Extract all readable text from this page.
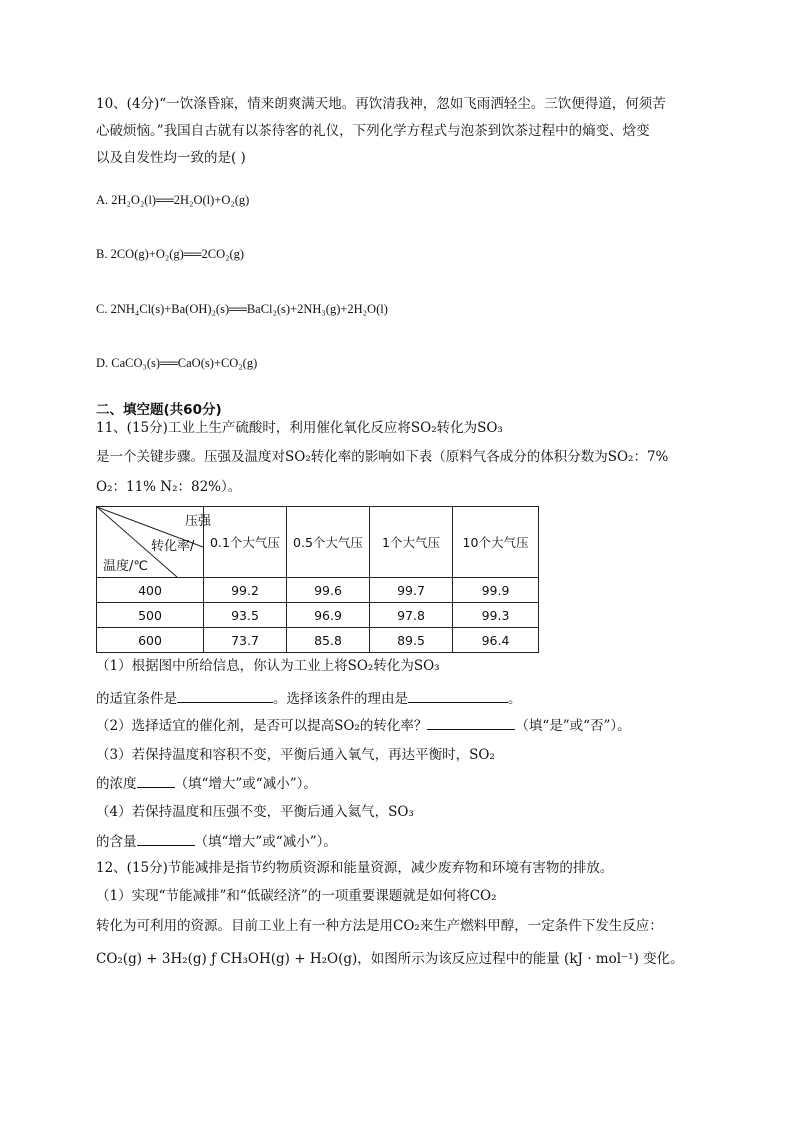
10、(4分)“一饮涤昏寐，情来朗爽满天地。再饮清我神，忽如飞雨洒轻尘。三饮便得道，何须苦
心破烦恼。”我国自古就有以茶待客的礼仪，下列化学方程式与泡茶到饮茶过程中的熵变、焓变
以及自发性均一致的是( )
A. 2H₂O₂(l)══2H₂O(l)+O₂(g)
B. 2CO(g)+O₂(g)══2CO₂(g)
C. 2NH₄Cl(s)+Ba(OH)₂(s)══BaCl₂(s)+2NH₃(g)+2H₂O(l)
D. CaCO₃(s)══CaO(s)+CO₂(g)
二、填空题(共60分)
11、(15分)工业上生产硫酸时，利用催化氧化反应将SO₂转化为SO₃
是一个关键步骤。压强及温度对SO₂转化率的影响如下表（原料气各成分的体积分数为SO₂：7%
O₂：11% N₂：82%）。
压强
转化率/
温度/℃	0.1个大气压	0.5个大气压	1个大气压	10个大气压
400	99.2	99.6	99.7	99.9
500	93.5	96.9	97.8	99.3
600	73.7	85.8	89.5	96.4
（1）根据图中所给信息，你认为工业上将SO₂转化为SO₃
的适宜条件是	。选择该条件的理由是	。
（2）选择适宜的催化剂，是否可以提高SO₂的转化率？	（填“是”或“否”）。
（3）若保持温度和容积不变，平衡后通入氧气，再达平衡时，SO₂
的浓度	（填“增大”或“减小”）。
（4）若保持温度和压强不变，平衡后通入氦气，SO₃
的含量	（填“增大”或“减小”）。
12、(15分)节能减排是指节约物质资源和能量资源，减少废弃物和环境有害物的排放。
（1）实现“节能减排”和“低碳经济”的一项重要课题就是如何将CO₂
转化为可利用的资源。目前工业上有一种方法是用CO₂来生产燃料甲醇，一定条件下发生反应：
CO₂(g) + 3H₂(g) ƒ CH₃OH(g) + H₂O(g)，如图所示为该反应过程中的能量 (kJ · mol⁻¹) 变化。
